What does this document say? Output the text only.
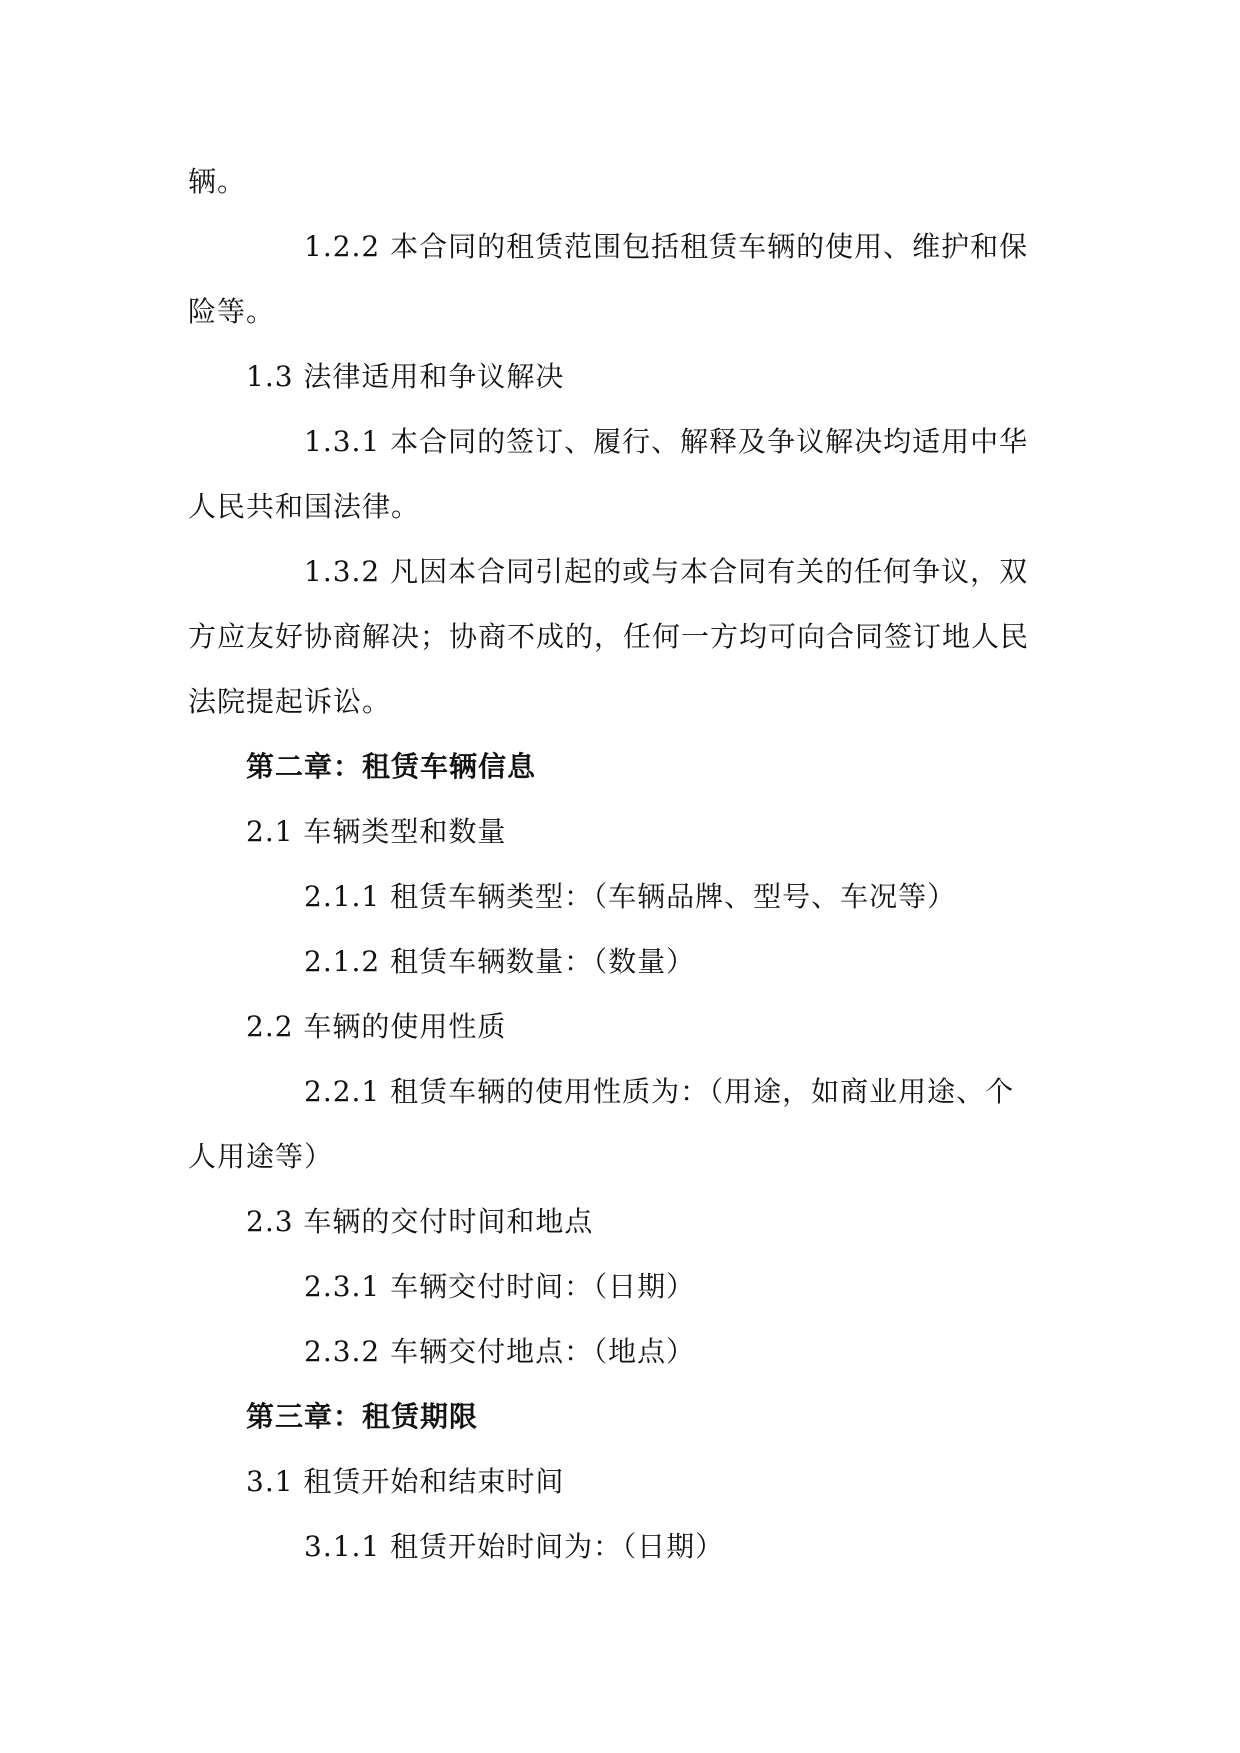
辆。
1.2.2 本合同的租赁范围包括租赁车辆的使用、维护和保
险等。
1.3 法律适用和争议解决
1.3.1 本合同的签订、履行、解释及争议解决均适用中华
人民共和国法律。
1.3.2 凡因本合同引起的或与本合同有关的任何争议，双
方应友好协商解决；协商不成的，任何一方均可向合同签订地人民
法院提起诉讼。
第二章：租赁车辆信息
2.1 车辆类型和数量
2.1.1 租赁车辆类型：（车辆品牌、型号、车况等）
2.1.2 租赁车辆数量：（数量）
2.2 车辆的使用性质
2.2.1 租赁车辆的使用性质为：（用途，如商业用途、个
人用途等）
2.3 车辆的交付时间和地点
2.3.1 车辆交付时间：（日期）
2.3.2 车辆交付地点：（地点）
第三章：租赁期限
3.1 租赁开始和结束时间
3.1.1 租赁开始时间为：（日期）
